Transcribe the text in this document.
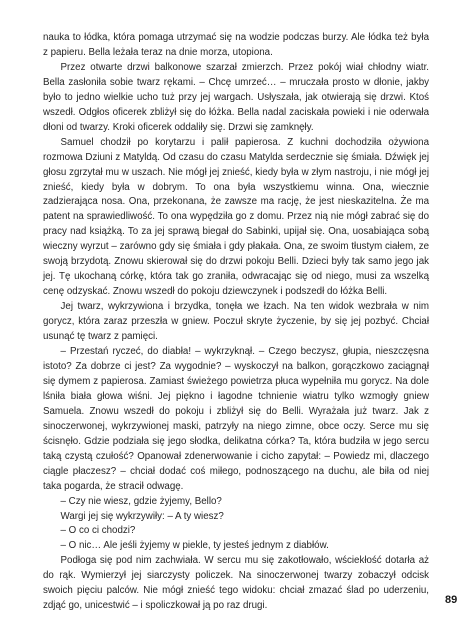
nauka to łódka, która pomaga utrzymać się na wodzie podczas burzy. Ale łódka też była z papieru. Bella leżała teraz na dnie morza, utopiona.

Przez otwarte drzwi balkonowe szarzał zmierzch. Przez pokój wiał chłodny wiatr. Bella zasłoniła sobie twarz rękami. – Chcę umrzeć… – mruczała prosto w dłonie, jakby było to jedno wielkie ucho tuż przy jej wargach. Usłyszała, jak otwierają się drzwi. Ktoś wszedł. Odgłos oficerek zbliżył się do łóżka. Bella nadal zaciskała powieki i nie oderwała dłoni od twarzy. Kroki oficerek oddaliły się. Drzwi się zamknęły.

Samuel chodził po korytarzu i palił papierosa. Z kuchni dochodziła ożywiona rozmowa Dziuni z Matyldą. Od czasu do czasu Matylda serdecznie się śmiała. Dźwięk jej głosu zgrzytał mu w uszach. Nie mógł jej znieść, kiedy była w złym nastroju, i nie mógł jej znieść, kiedy była w dobrym. To ona była wszystkiemu winna. Ona, wiecznie zadzierająca nosa. Ona, przekonana, że zawsze ma rację, że jest nieskazitelna. Że ma patent na sprawiedliwość. To ona wypędziła go z domu. Przez nią nie mógł zabrać się do pracy nad książką. To za jej sprawą biegał do Sabinki, upijał się. Ona, uosabiająca sobą wieczny wyrzut – zarówno gdy się śmiała i gdy płakała. Ona, ze swoim tłustym ciałem, ze swoją brzydotą. Znowu skierował się do drzwi pokoju Belli. Dzieci były tak samo jego jak jej. Tę ukochaną córkę, która tak go zraniła, odwracając się od niego, musi za wszelką cenę odzyskać. Znowu wszedł do pokoju dziewczynek i podszedł do łóżka Belli.

Jej twarz, wykrzywiona i brzydka, tonęła we łzach. Na ten widok wezbrała w nim gorycz, która zaraz przeszła w gniew. Poczuł skryte życzenie, by się jej pozbyć. Chciał usunąć tę twarz z pamięci.

– Przestań ryczeć, do diabła! – wykrzyknął. – Czego beczysz, głupia, nieszczęsna istoto? Za dobrze ci jest? Za wygodnie? – wyskoczył na balkon, gorączkowo zaciągnął się dymem z papierosa. Zamiast świeżego powietrza płuca wypełniła mu gorycz. Na dole lśniła biała głowa wiśni. Jej piękno i łagodne tchnienie wiatru tylko wzmogły gniew Samuela. Znowu wszedł do pokoju i zbliżył się do Belli. Wyrażała już twarz. Jak z sinoczerwonej, wykrzywionej maski, patrzyły na niego zimne, obce oczy. Serce mu się ścisnęło. Gdzie podziała się jego słodka, delikatna córka? Ta, która budziła w jego sercu taką czystą czułość? Opanował zdenerwowanie i cicho zapytał: – Powiedz mi, dlaczego ciągle płaczesz? – chciał dodać coś miłego, podnoszącego na duchu, ale biła od niej taka pogarda, że stracił odwagę.

– Czy nie wiesz, gdzie żyjemy, Bello?

Wargi jej się wykrzywiły: – A ty wiesz?

– O co ci chodzi?

– O nic… Ale jeśli żyjemy w piekle, ty jesteś jednym z diabłów.

Podłoga się pod nim zachwiała. W sercu mu się zakotłowało, wściekłość dotarła aż do rąk. Wymierzył jej siarczysty policzek. Na sinoczerwonej twarzy zobaczył odcisk swoich pięciu palców. Nie mógł znieść tego widoku: chciał zmazać ślad po uderzeniu, zdjąć go, unicestwić – i spoliczkował ją po raz drugi.	89
